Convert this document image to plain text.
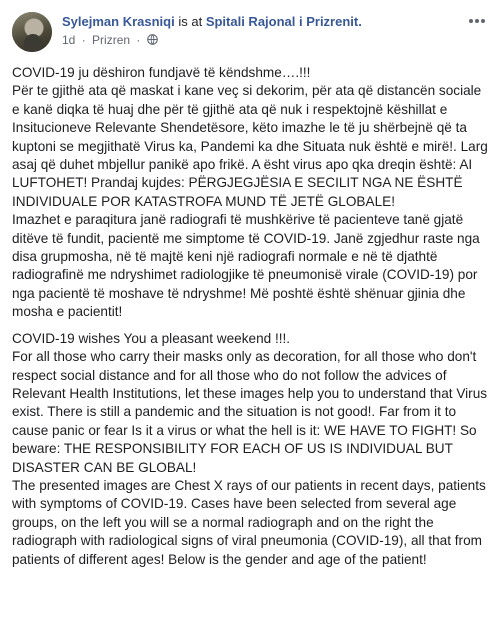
Sylejman Krasniqi is at Spitali Rajonal i Prizrenit.
1d · Prizren ·

COVID-19 ju dëshiron fundjavë të këndshme….!!!
Për te gjithë ata që maskat i kane veç si dekorim, për ata që distancën sociale e kanë diqka të huaj dhe për të gjithë ata që nuk i respektojnë këshillat e Insitucioneve Relevante Shendetësore, këto imazhe le të ju shërbejnë që ta kuptoni se megjithatë Virus ka, Pandemi ka dhe Situata nuk është e mirë!. Larg asaj që duhet mbjellur panikë apo frikë. A ësht virus apo qka dreqin është: AI LUFTOHET! Prandaj kujdes: PËRGJEGJËSIA E SECILIT NGA NE ËSHTË INDIVIDUALE POR KATASTROFA MUND TË JETË GLOBALE!
Imazhet e paraqitura janë radiografi të mushkërive të pacienteve tanë gjatë ditëve të fundit, pacientë me simptome të COVID-19. Janë zgjedhur raste nga disa grupmosha, në të majtë keni një radiografi normale e në të djathtë radiografinë me ndryshimet radiologjike të pneumonisë virale (COVID-19) por nga pacientë të moshave të ndryshme! Më poshtë është shënuar gjinia dhe mosha e pacientit!

COVID-19 wishes You a pleasant weekend !!!.
For all those who carry their masks only as decoration, for all those who don't respect social distance and for all those who do not follow the advices of Relevant Health Institutions, let these images help you to understand that Virus exist. There is still a pandemic and the situation is not good!. Far from it to cause panic or fear Is it a virus or what the hell is it: WE HAVE TO FIGHT! So beware: THE RESPONSIBILITY FOR EACH OF US IS INDIVIDUAL BUT DISASTER CAN BE GLOBAL!
The presented images are Chest X rays of our patients in recent days, patients with symptoms of COVID-19. Cases have been selected from several age groups, on the left you will se a normal radiograph and on the right the radiograph with radiological signs of viral pneumonia (COVID-19), all that from patients of different ages! Below is the gender and age of the patient!
